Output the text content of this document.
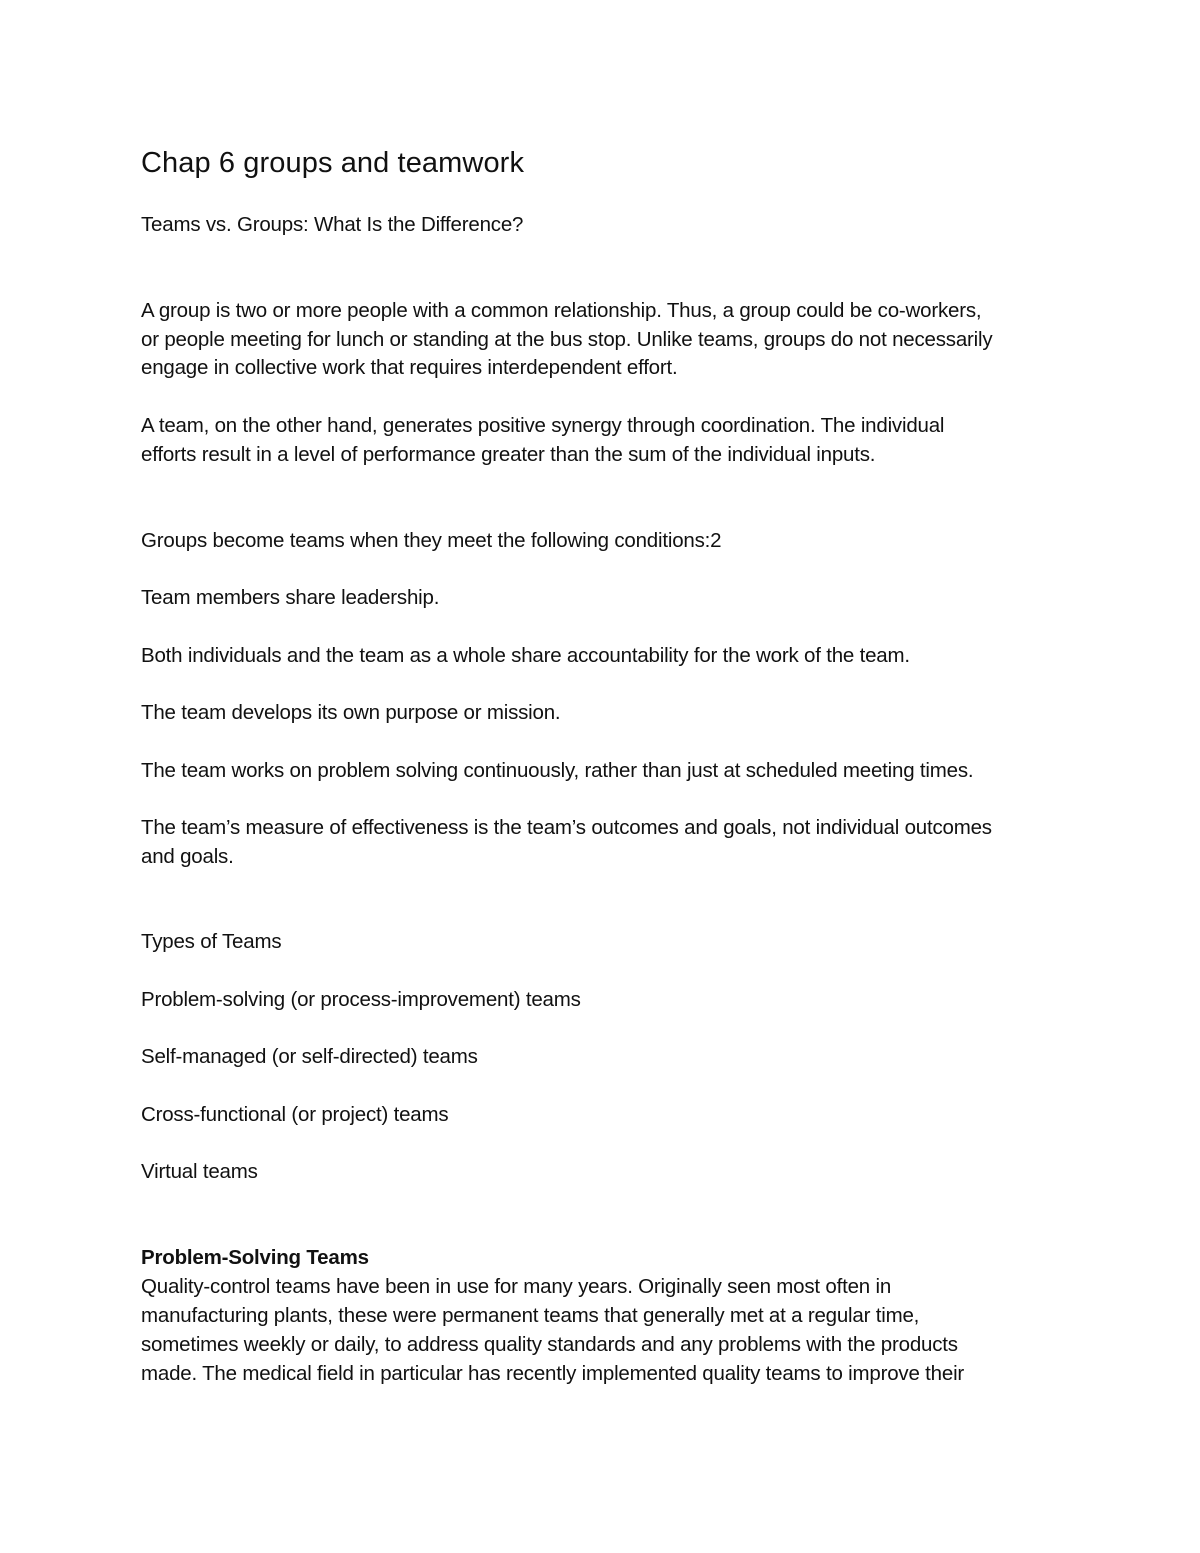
Chap 6 groups and teamwork
Teams vs. Groups: What Is the Difference?
A group is two or more people with a common relationship. Thus, a group could be co-workers,
or people meeting for lunch or standing at the bus stop. Unlike teams, groups do not necessarily
engage in collective work that requires interdependent effort.
A team, on the other hand, generates positive synergy through coordination. The individual
efforts result in a level of performance greater than the sum of the individual inputs.
Groups become teams when they meet the following conditions:2
Team members share leadership.
Both individuals and the team as a whole share accountability for the work of the team.
The team develops its own purpose or mission.
The team works on problem solving continuously, rather than just at scheduled meeting times.
The team’s measure of effectiveness is the team’s outcomes and goals, not individual outcomes
and goals.
Types of Teams
Problem-solving (or process-improvement) teams
Self-managed (or self-directed) teams
Cross-functional (or project) teams
Virtual teams
Problem-Solving Teams
Quality-control teams have been in use for many years. Originally seen most often in
manufacturing plants, these were permanent teams that generally met at a regular time,
sometimes weekly or daily, to address quality standards and any problems with the products
made. The medical field in particular has recently implemented quality teams to improve their
